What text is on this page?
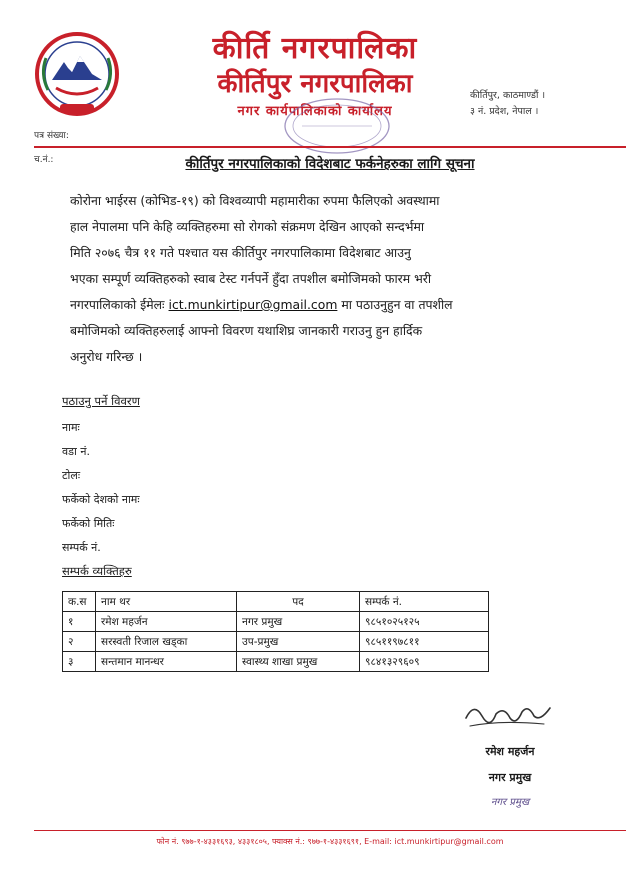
कीर्ति नगरपालिका
कीर्तिपुर नगरपालिका
नगर कार्यपालिकाको कार्यालय
कीर्तिपुर, काठमाण्डौं ।
३ नं. प्रदेश, नेपाल ।
पत्र संख्या:
च.नं.:	कीर्तिपुर नगरपालिकाको विदेशबाट फर्कनेहरुका लागि सूचना

कोरोना भाईरस (कोभिड-१९) को विश्वव्यापी महामारीका रुपमा फैलिएको अवस्थामा

हाल नेपालमा पनि केहि व्यक्तिहरुमा सो रोगको संक्रमण देखिन आएको सन्दर्भमा

मिति २०७६ चैत्र ११ गते पश्चात यस कीर्तिपुर नगरपालिकामा विदेशबाट आउनु

भएका सम्पूर्ण व्यक्तिहरुको स्वाब टेस्ट गर्नपर्ने हुँदा तपशील बमोजिमको फारम भरी

नगरपालिकाको ईमेलः ict.munkirtipur@gmail.com मा पठाउनुहुन वा तपशील

बमोजिमको व्यक्तिहरुलाई आफ्नो विवरण यथाशिघ्र जानकारी गराउनु हुन हार्दिक

अनुरोध गरिन्छ ।

पठाउनु पर्ने विवरण
नामः
वडा नं.
टोलः
फर्केको देशको नामः
फर्केको मितिः
सम्पर्क नं.
सम्पर्क व्यक्तिहरु
क.स	नाम थर	पद	सम्पर्क नं.
१	रमेश महर्जन	नगर प्रमुख	९८५१०२५१२५
२	सरस्वती रिजाल खड्का	उप-प्रमुख	९८५११९७८११
३	सन्तमान मानन्धर	स्वास्थ्य शाखा प्रमुख	९८४१३२९६०९
रमेश महर्जन
नगर प्रमुख
नगर प्रमुख
फोन नं. ९७७-१-४३३१६९३, ४३३१८०५, फ्याक्स नं.: ९७७-१-४३३१६९१, E-mail: ict.munkirtipur@gmail.com
